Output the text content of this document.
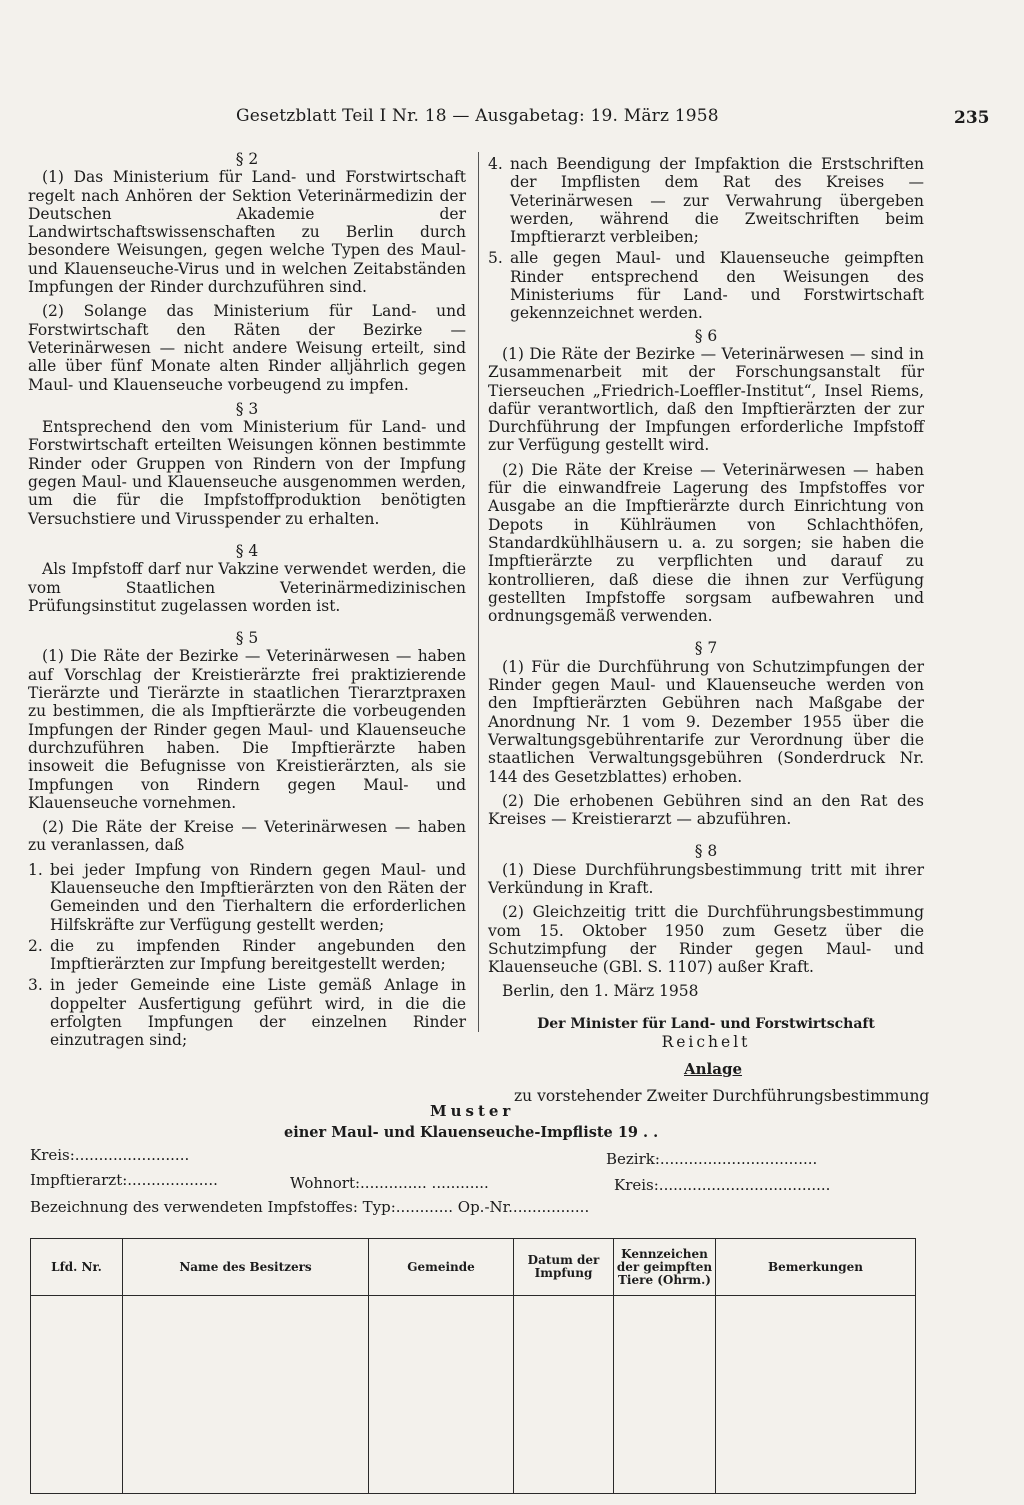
Gesetzblatt Teil I Nr. 18 — Ausgabetag: 19. März 1958	235

§ 2

(1) Das Ministerium für Land- und Forstwirtschaft regelt nach Anhören der Sektion Veterinärmedizin der Deutschen Akademie der Landwirtschaftswissenschaften zu Berlin durch besondere Weisungen, gegen welche Typen des Maul- und Klauenseuche-Virus und in welchen Zeitabständen Impfungen der Rinder durchzuführen sind.

(2) Solange das Ministerium für Land- und Forstwirtschaft den Räten der Bezirke — Veterinärwesen — nicht andere Weisung erteilt, sind alle über fünf Monate alten Rinder alljährlich gegen Maul- und Klauenseuche vorbeugend zu impfen.

§ 3

Entsprechend den vom Ministerium für Land- und Forstwirtschaft erteilten Weisungen können bestimmte Rinder oder Gruppen von Rindern von der Impfung gegen Maul- und Klauenseuche ausgenommen werden, um die für die Impfstoffproduktion benötigten Versuchstiere und Virusspender zu erhalten.

§ 4

Als Impfstoff darf nur Vakzine verwendet werden, die vom Staatlichen Veterinärmedizinischen Prüfungsinstitut zugelassen worden ist.

§ 5

(1) Die Räte der Bezirke — Veterinärwesen — haben auf Vorschlag der Kreistierärzte frei praktizierende Tierärzte und Tierärzte in staatlichen Tierarztpraxen zu bestimmen, die als Impftierärzte die vorbeugenden Impfungen der Rinder gegen Maul- und Klauenseuche durchzuführen haben. Die Impftierärzte haben insoweit die Befugnisse von Kreistierärzten, als sie Impfungen von Rindern gegen Maul- und Klauenseuche vornehmen.

(2) Die Räte der Kreise — Veterinärwesen — haben zu veranlassen, daß

1. bei jeder Impfung von Rindern gegen Maul- und Klauenseuche den Impftierärzten von den Räten der Gemeinden und den Tierhaltern die erforderlichen Hilfskräfte zur Verfügung gestellt werden;
2. die zu impfenden Rinder angebunden den Impftierärzten zur Impfung bereitgestellt werden;
3. in jeder Gemeinde eine Liste gemäß Anlage in doppelter Ausfertigung geführt wird, in die die erfolgten Impfungen der einzelnen Rinder einzutragen sind;
4. nach Beendigung der Impfaktion die Erstschriften der Impflisten dem Rat des Kreises — Veterinärwesen — zur Verwahrung übergeben werden, während die Zweitschriften beim Impftierarzt verbleiben;
5. alle gegen Maul- und Klauenseuche geimpften Rinder entsprechend den Weisungen des Ministeriums für Land- und Forstwirtschaft gekennzeichnet werden.

§ 6

(1) Die Räte der Bezirke — Veterinärwesen — sind in Zusammenarbeit mit der Forschungsanstalt für Tierseuchen „Friedrich-Loeffler-Institut“, Insel Riems, dafür verantwortlich, daß den Impftierärzten der zur Durchführung der Impfungen erforderliche Impfstoff zur Verfügung gestellt wird.

(2) Die Räte der Kreise — Veterinärwesen — haben für die einwandfreie Lagerung des Impfstoffes vor Ausgabe an die Impftierärzte durch Einrichtung von Depots in Kühlräumen von Schlachthöfen, Standardkühlhäusern u. a. zu sorgen; sie haben die Impftierärzte zu verpflichten und darauf zu kontrollieren, daß diese die ihnen zur Verfügung gestellten Impfstoffe sorgsam aufbewahren und ordnungsgemäß verwenden.

§ 7

(1) Für die Durchführung von Schutzimpfungen der Rinder gegen Maul- und Klauenseuche werden von den Impftierärzten Gebühren nach Maßgabe der Anordnung Nr. 1 vom 9. Dezember 1955 über die Verwaltungsgebührentarife zur Verordnung über die staatlichen Verwaltungsgebühren (Sonderdruck Nr. 144 des Gesetzblattes) erhoben.

(2) Die erhobenen Gebühren sind an den Rat des Kreises — Kreistierarzt — abzuführen.

§ 8

(1) Diese Durchführungsbestimmung tritt mit ihrer Verkündung in Kraft.

(2) Gleichzeitig tritt die Durchführungsbestimmung vom 15. Oktober 1950 zum Gesetz über die Schutzimpfung der Rinder gegen Maul- und Klauenseuche (GBl. S. 1107) außer Kraft.

Berlin, den 1. März 1958

Der Minister für Land- und Forstwirtschaft

Reichelt

Anlage
zu vorstehender Zweiter Durchführungsbestimmung
Muster
einer Maul- und Klauenseuche-Impfliste 19 . .
Kreis:........................	Bezirk:.................................
Impftierarzt:...................	Wohnort:.............. ............	Kreis:....................................
Bezeichnung des verwendeten Impfstoffes: Typ:............ Op.-Nr.................
Lfd. Nr.	Name des Besitzers	Gemeinde	Datum der Impfung	Kennzeichen der geimpften Tiere (Ohrm.)	Bemerkungen
